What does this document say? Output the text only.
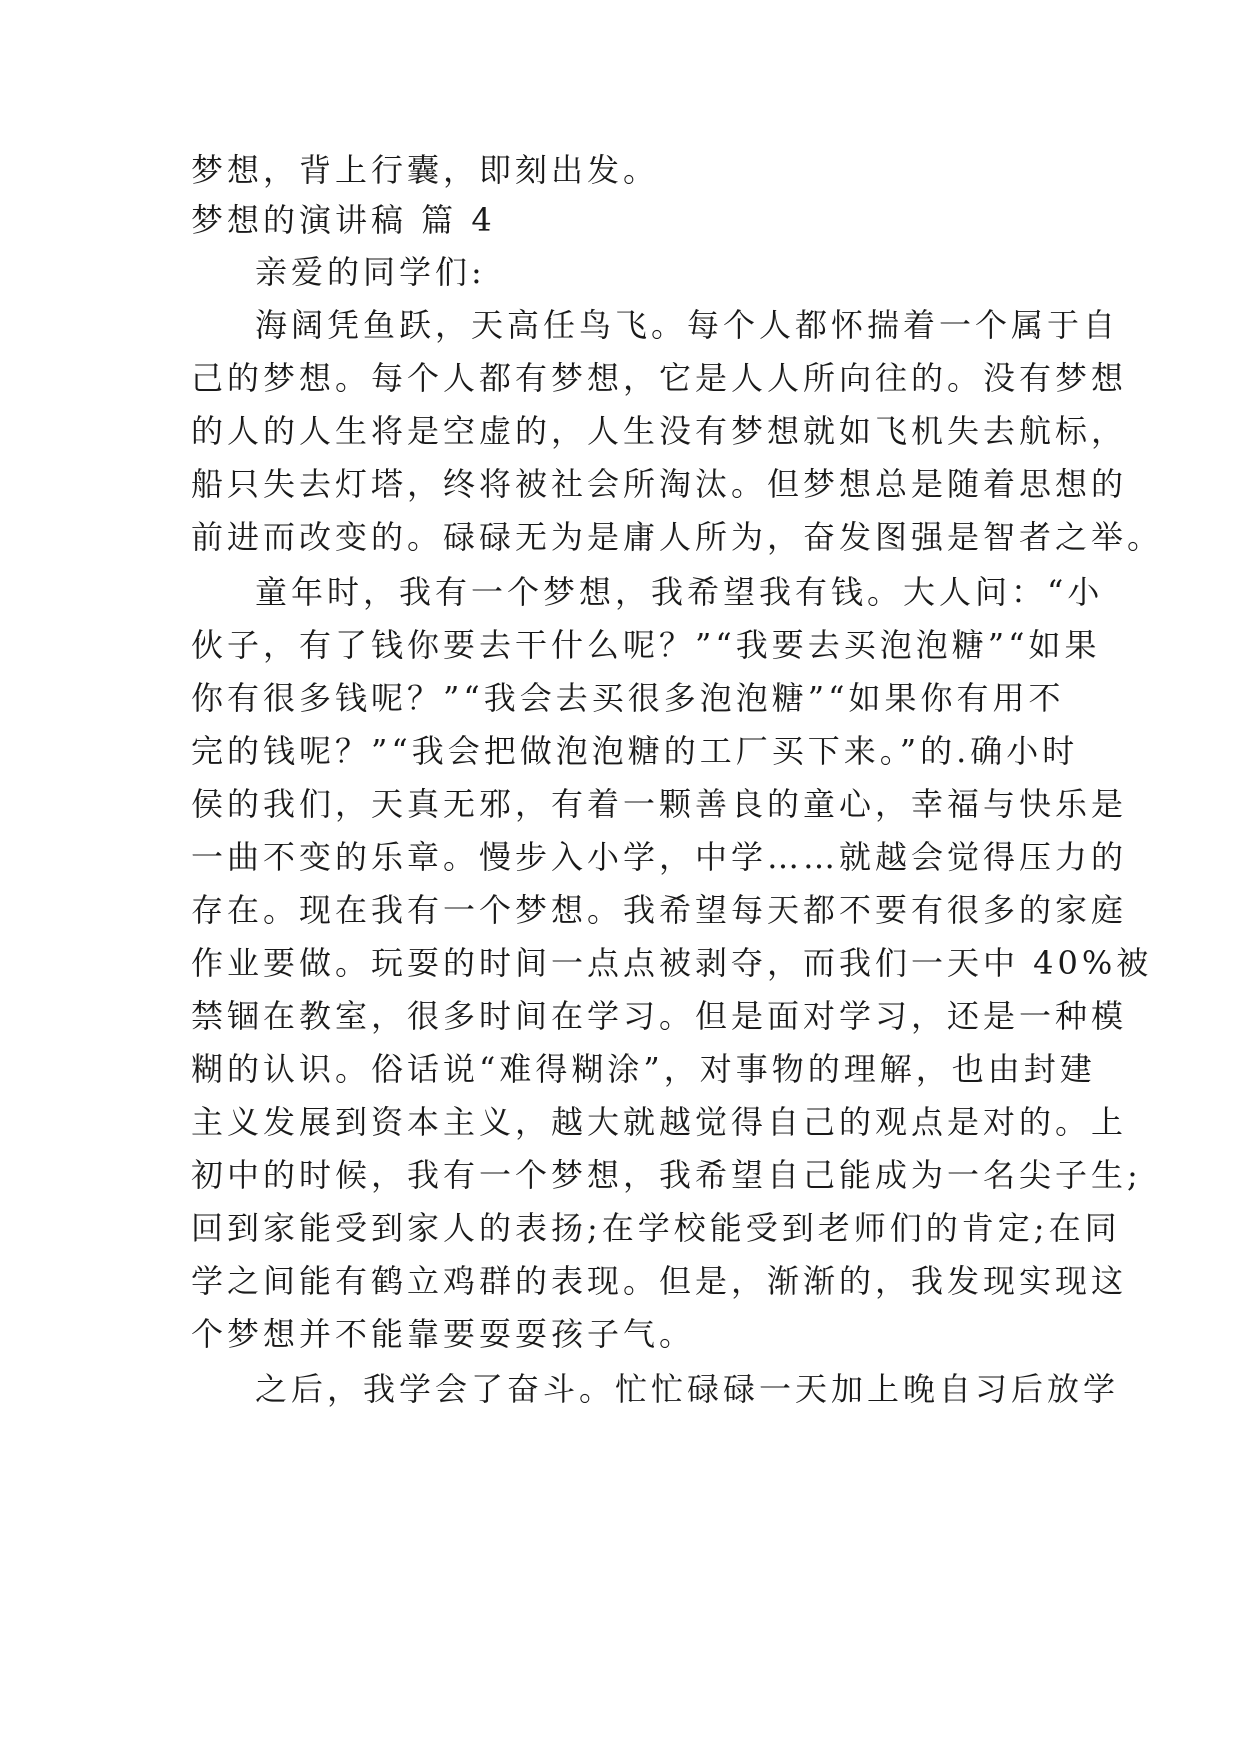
梦想，背上行囊，即刻出发。
梦想的演讲稿 篇 4
亲爱的同学们:
海阔凭鱼跃，天高任鸟飞。每个人都怀揣着一个属于自
己的梦想。每个人都有梦想，它是人人所向往的。没有梦想
的人的人生将是空虚的，人生没有梦想就如飞机失去航标，
船只失去灯塔，终将被社会所淘汰。但梦想总是随着思想的
前进而改变的。碌碌无为是庸人所为，奋发图强是智者之举。
童年时，我有一个梦想，我希望我有钱。大人问：“小
伙子，有了钱你要去干什么呢？”“我要去买泡泡糖”“如果
你有很多钱呢？”“我会去买很多泡泡糖”“如果你有用不
完的钱呢？”“我会把做泡泡糖的工厂买下来。”的.确小时
侯的我们，天真无邪，有着一颗善良的童心，幸福与快乐是
一曲不变的乐章。慢步入小学，中学……就越会觉得压力的
存在。现在我有一个梦想。我希望每天都不要有很多的家庭
作业要做。玩耍的时间一点点被剥夺，而我们一天中 40%被
禁锢在教室，很多时间在学习。但是面对学习，还是一种模
糊的认识。俗话说“难得糊涂”，对事物的理解，也由封建
主义发展到资本主义，越大就越觉得自己的观点是对的。上
初中的时候，我有一个梦想，我希望自己能成为一名尖子生;
回到家能受到家人的表扬;在学校能受到老师们的肯定;在同
学之间能有鹤立鸡群的表现。但是，渐渐的，我发现实现这
个梦想并不能靠要耍耍孩子气。
之后，我学会了奋斗。忙忙碌碌一天加上晚自习后放学
